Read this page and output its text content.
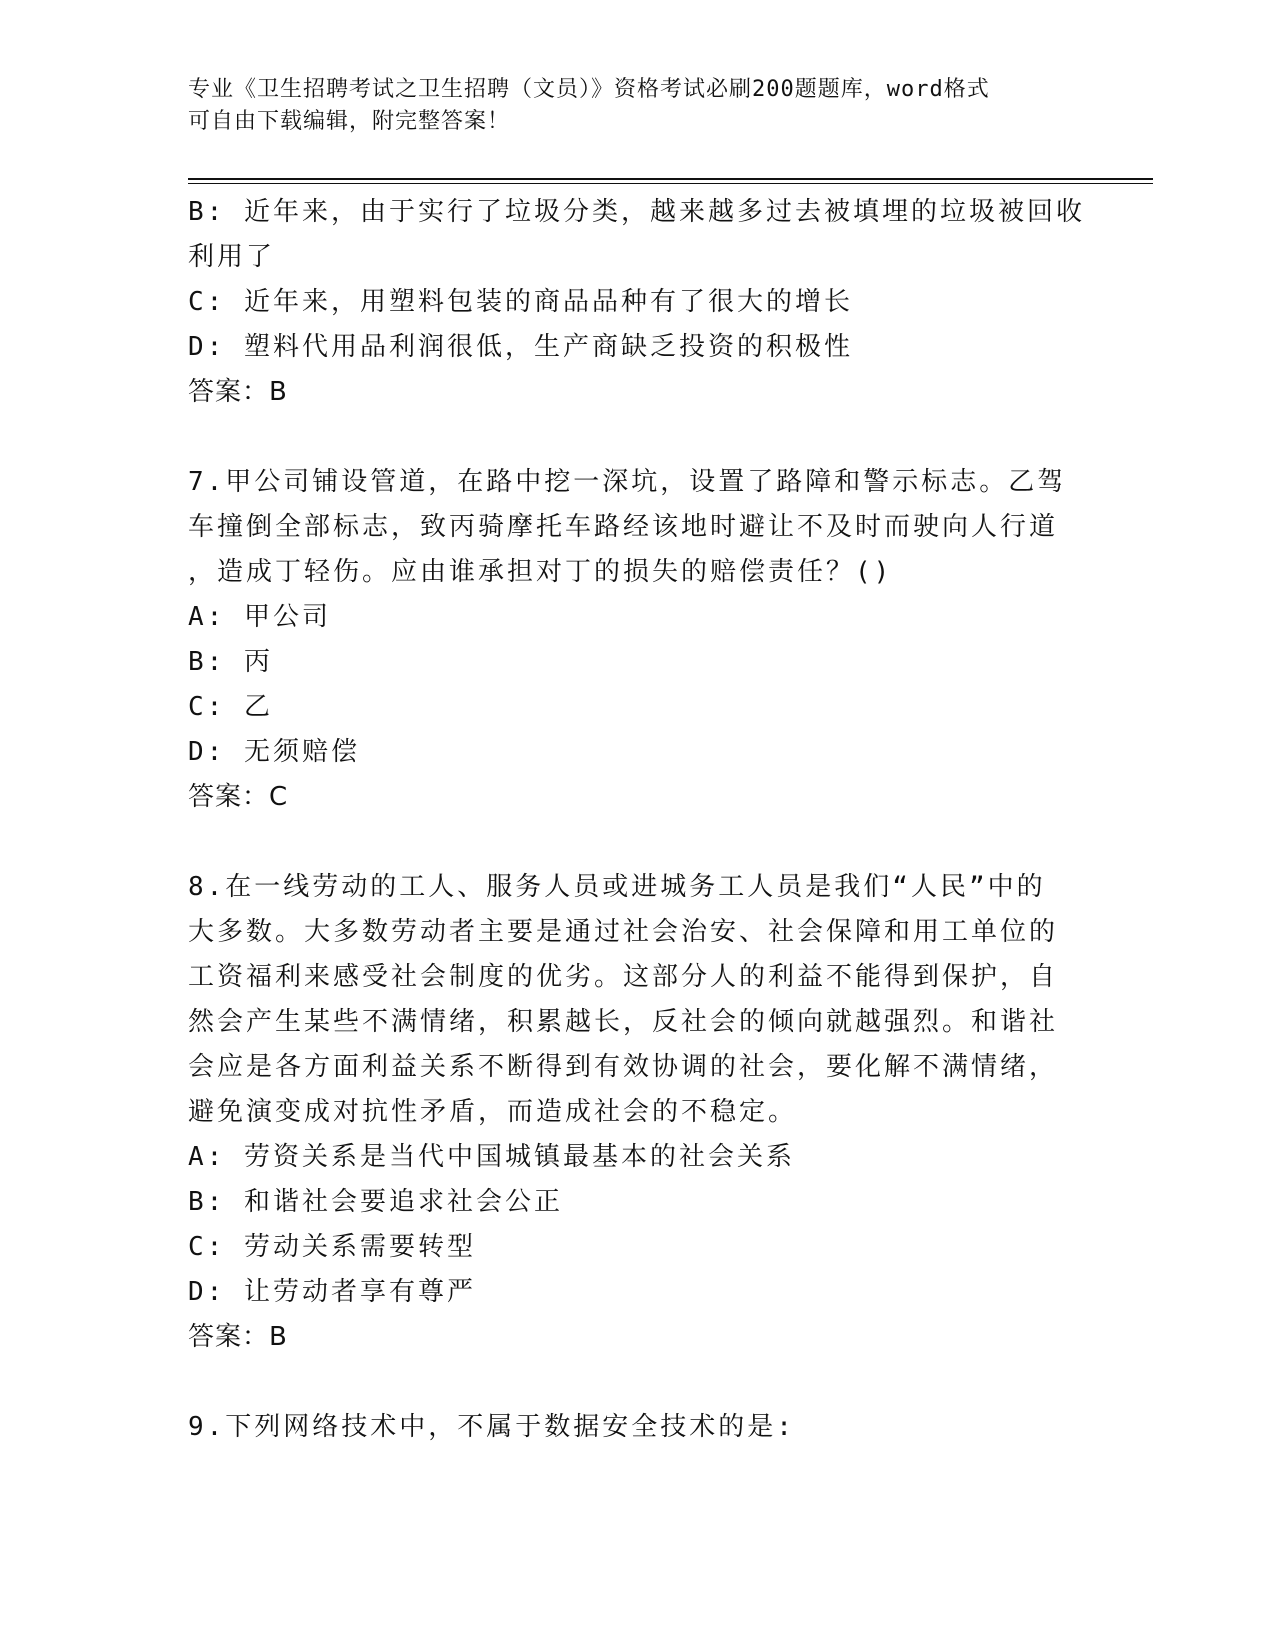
专业《卫生招聘考试之卫生招聘（文员）》资格考试必刷200题题库，word格式
可自由下载编辑，附完整答案！
B: 近年来，由于实行了垃圾分类，越来越多过去被填埋的垃圾被回收
利用了
C: 近年来，用塑料包装的商品品种有了很大的增长
D: 塑料代用品利润很低，生产商缺乏投资的积极性
答案：B
7.甲公司铺设管道，在路中挖一深坑，设置了路障和警示标志。乙驾
车撞倒全部标志，致丙骑摩托车路经该地时避让不及时而驶向人行道
，造成丁轻伤。应由谁承担对丁的损失的赔偿责任？()
A: 甲公司
B: 丙
C: 乙
D: 无须赔偿
答案：C
8.在一线劳动的工人、服务人员或进城务工人员是我们“人民”中的
大多数。大多数劳动者主要是通过社会治安、社会保障和用工单位的
工资福利来感受社会制度的优劣。这部分人的利益不能得到保护，自
然会产生某些不满情绪，积累越长，反社会的倾向就越强烈。和谐社
会应是各方面利益关系不断得到有效协调的社会，要化解不满情绪，
避免演变成对抗性矛盾，而造成社会的不稳定。
A: 劳资关系是当代中国城镇最基本的社会关系
B: 和谐社会要追求社会公正
C: 劳动关系需要转型
D: 让劳动者享有尊严
答案：B
9.下列网络技术中，不属于数据安全技术的是:
